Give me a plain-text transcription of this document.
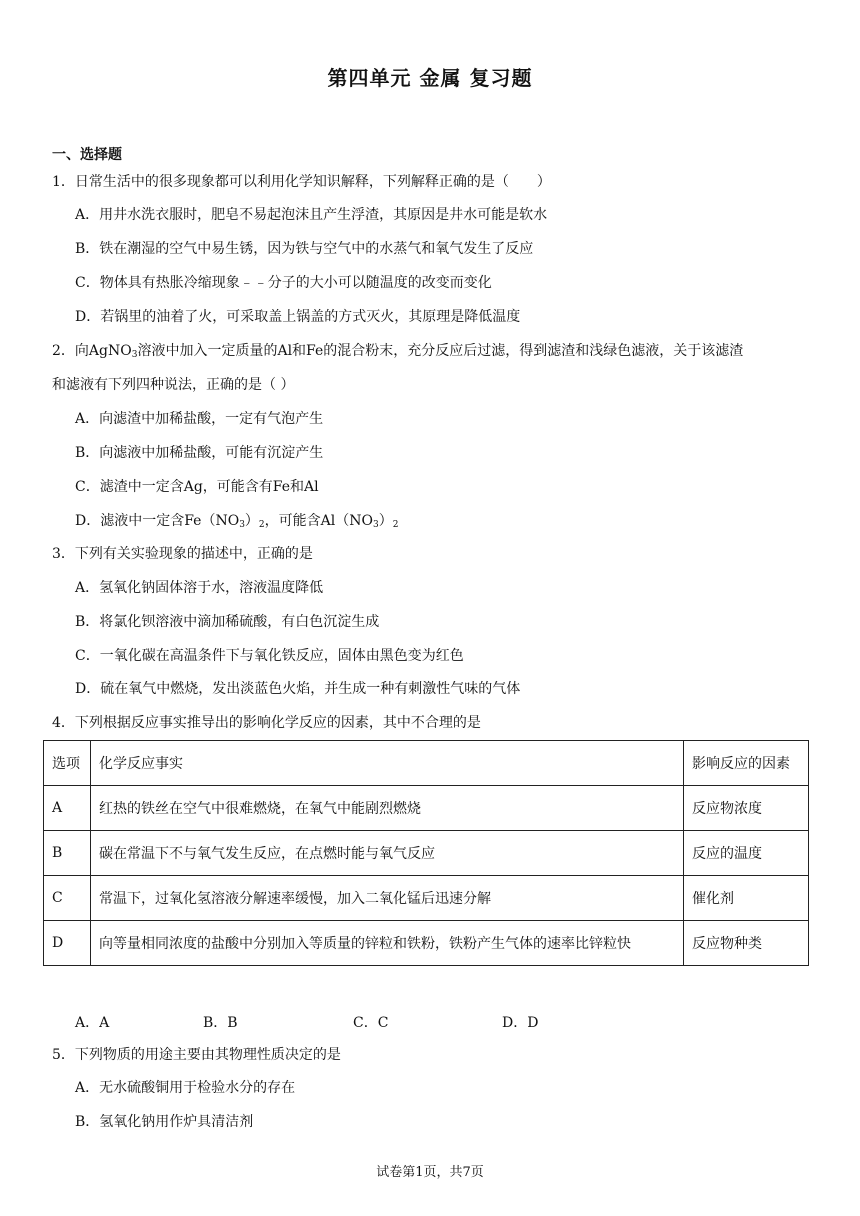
第四单元 金属 复习题
一、选择题
1．日常生活中的很多现象都可以利用化学知识解释，下列解释正确的是（　　）
A．用井水洗衣服时，肥皂不易起泡沫且产生浮渣，其原因是井水可能是软水
B．铁在潮湿的空气中易生锈，因为铁与空气中的水蒸气和氧气发生了反应
C．物体具有热胀冷缩现象﹣﹣分子的大小可以随温度的改变而变化
D．若锅里的油着了火，可采取盖上锅盖的方式灭火，其原理是降低温度
2．向AgNO$_3$溶液中加入一定质量的Al和Fe的混合粉末，充分反应后过滤，得到滤渣和浅绿色滤液，关于该滤渣
和滤液有下列四种说法，正确的是（ ）
A．向滤渣中加稀盐酸，一定有气泡产生
B．向滤液中加稀盐酸，可能有沉淀产生
C．滤渣中一定含Ag，可能含有Fe和Al
D．滤液中一定含$Fe(NO_3)_2$，可能含$Al(NO_3)_2$
3．下列有关实验现象的描述中，正确的是
A．氢氧化钠固体溶于水，溶液温度降低
B．将氯化钡溶液中滴加稀硫酸，有白色沉淀生成
C．一氧化碳在高温条件下与氧化铁反应，固体由黑色变为红色
D．硫在氧气中燃烧，发出淡蓝色火焰，并生成一种有刺激性气味的气体
4．下列根据反应事实推导出的影响化学反应的因素，其中不合理的是
选项	化学反应事实	影响反应的因素
A	红热的铁丝在空气中很难燃烧，在氧气中能剧烈燃烧	反应物浓度
B	碳在常温下不与氧气发生反应，在点燃时能与氧气反应	反应的温度
C	常温下，过氧化氢溶液分解速率缓慢，加入二氧化锰后迅速分解	催化剂
D	向等量相同浓度的盐酸中分别加入等质量的锌粒和铁粉，铁粉产生气体的速率比锌粒快	反应物种类
A．A	B．B	C．C	D．D
5．下列物质的用途主要由其物理性质决定的是
A．无水硫酸铜用于检验水分的存在
B．氢氧化钠用作炉具清洁剂
试卷第1页，共7页
